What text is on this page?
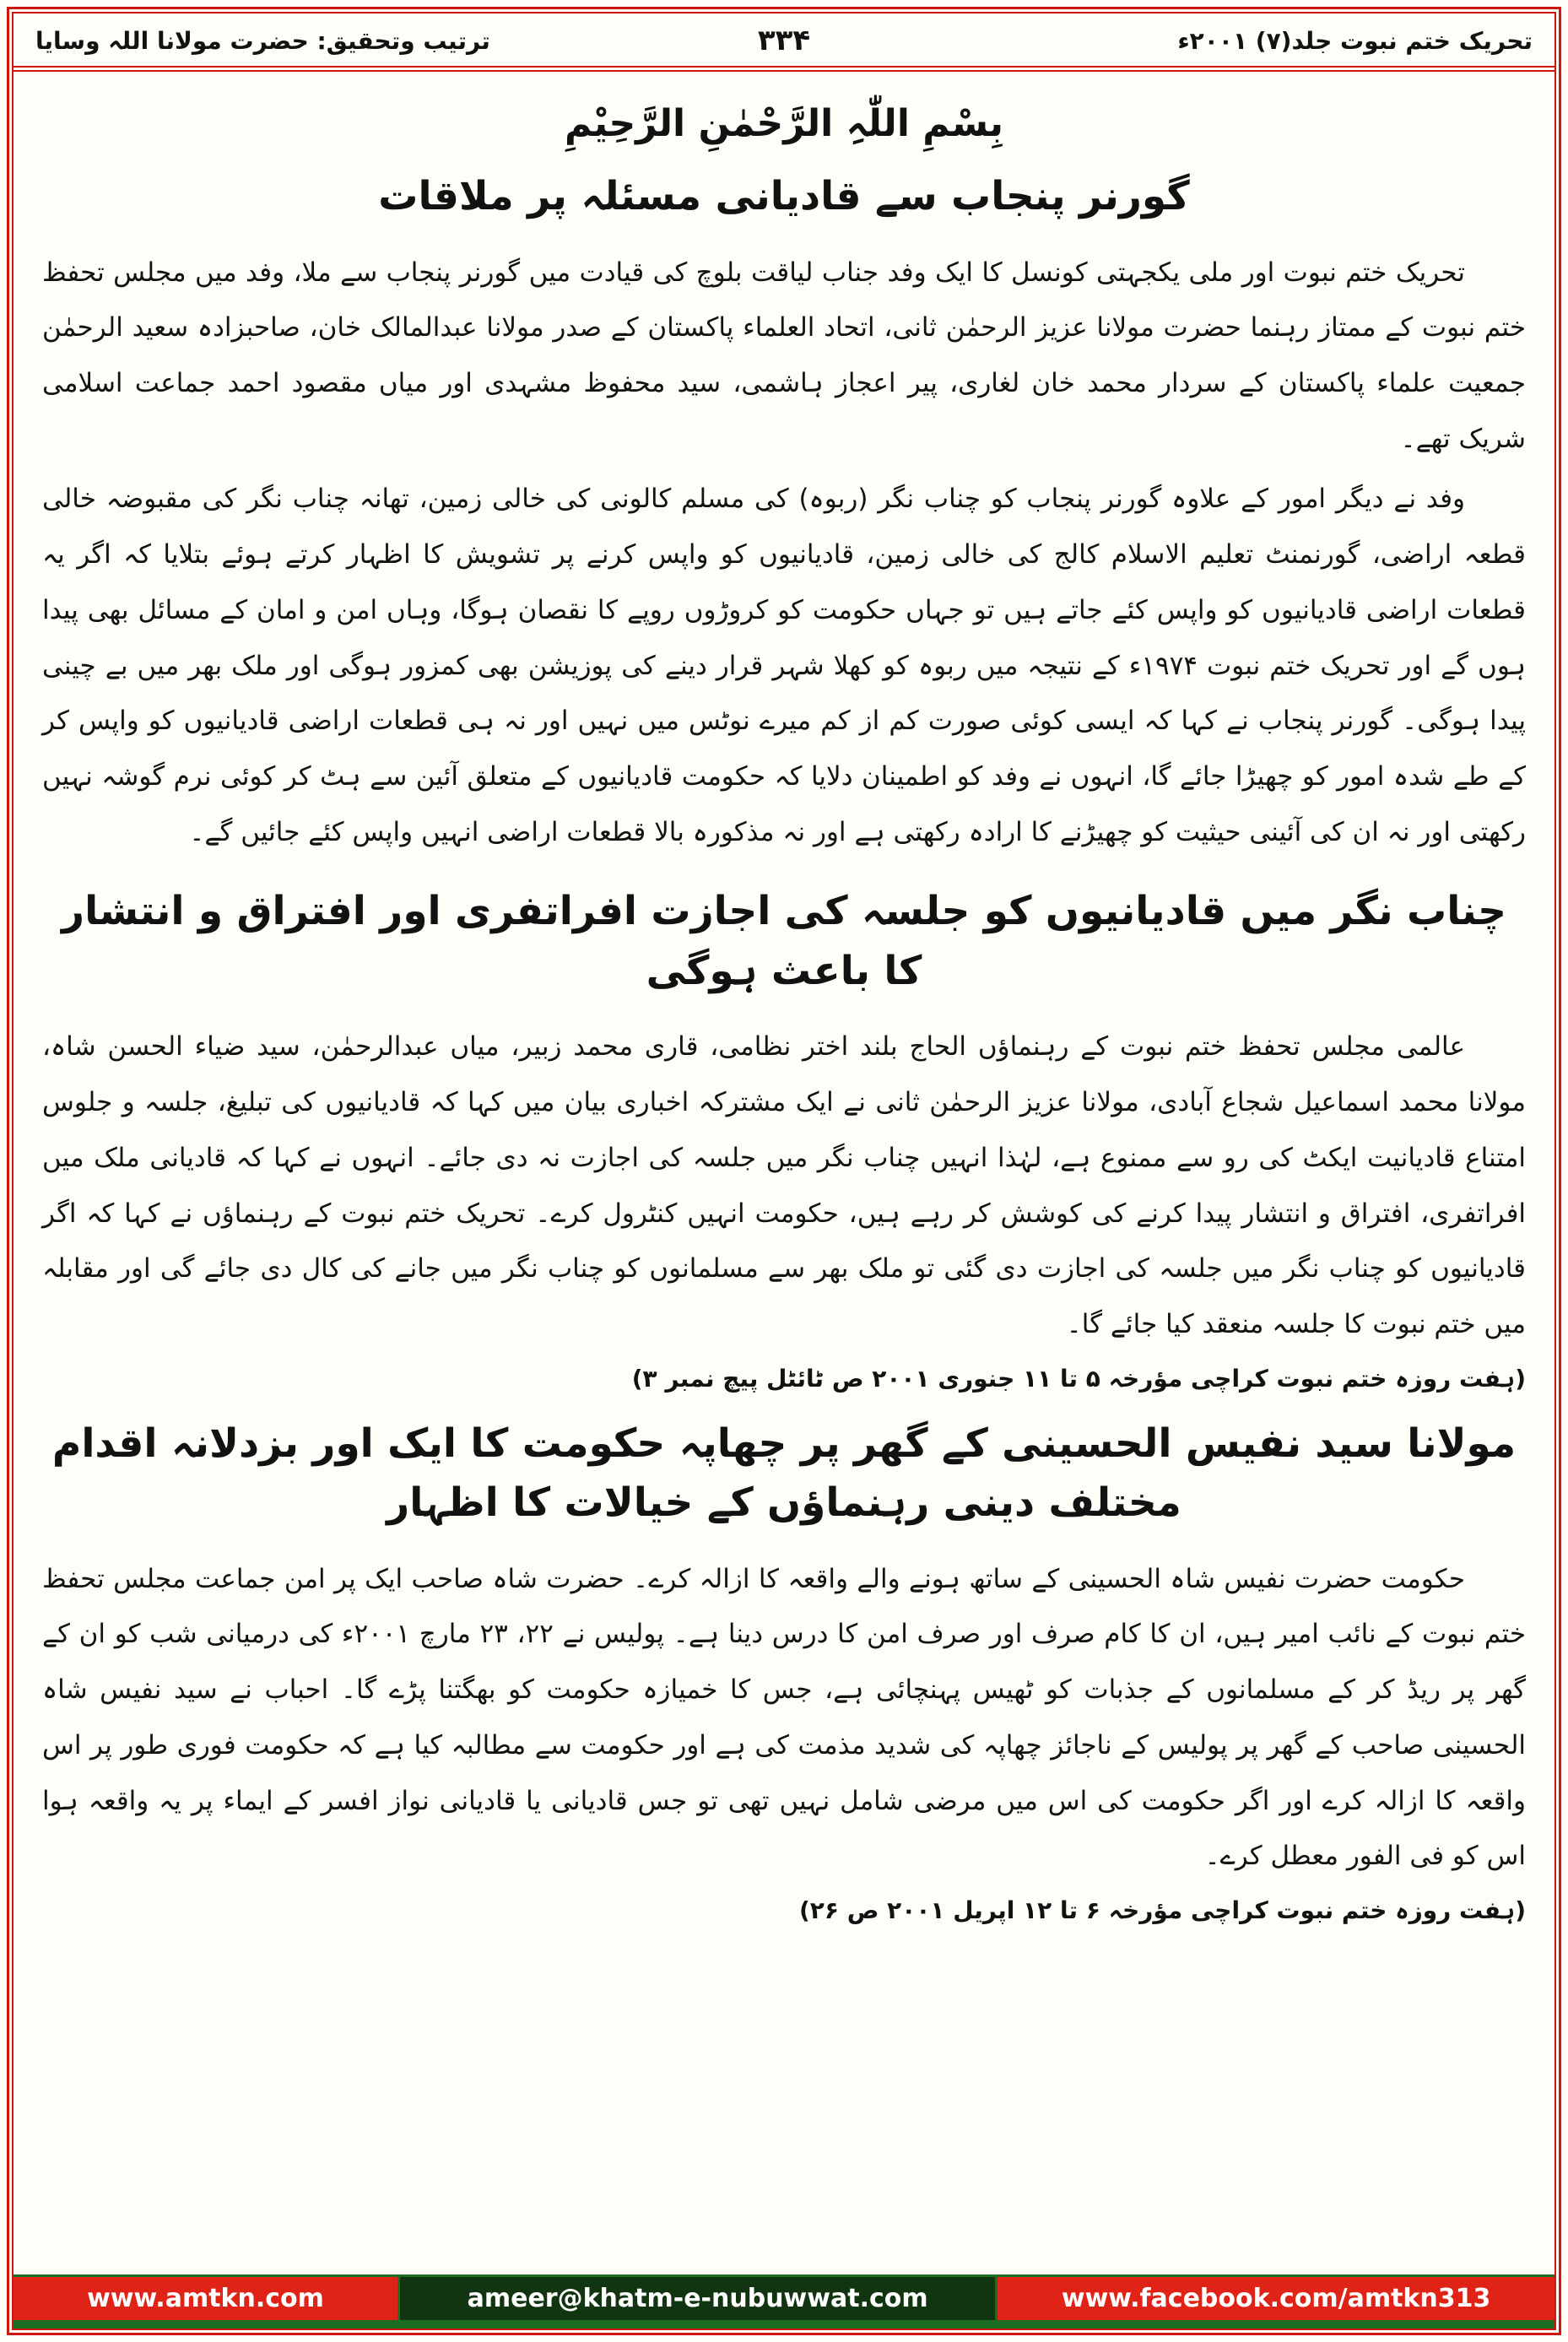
تحریک ختم نبوت جلد(۷) ۲۰۰۱ء
۳۳۴
ترتیب وتحقیق: حضرت مولانا اللہ وسایا
بِسْمِ اللّٰہِ الرَّحْمٰنِ الرَّحِیْمِ
گورنر پنجاب سے قادیانی مسئلہ پر ملاقات

تحریک ختم نبوت اور ملی یکجہتی کونسل کا ایک وفد جناب لیاقت بلوچ کی قیادت میں گورنر پنجاب سے ملا، وفد میں مجلس تحفظ ختم نبوت کے ممتاز رہنما حضرت مولانا عزیز الرحمٰن ثانی، اتحاد العلماء پاکستان کے صدر مولانا عبدالمالک خان، صاحبزادہ سعید الرحمٰن جمعیت علماء پاکستان کے سردار محمد خان لغاری، پیر اعجاز ہاشمی، سید محفوظ مشہدی اور میاں مقصود احمد جماعت اسلامی شریک تھے۔

وفد نے دیگر امور کے علاوہ گورنر پنجاب کو چناب نگر (ربوہ) کی مسلم کالونی کی خالی زمین، تھانہ چناب نگر کی مقبوضہ خالی قطعہ اراضی، گورنمنٹ تعلیم الاسلام کالج کی خالی زمین، قادیانیوں کو واپس کرنے پر تشویش کا اظہار کرتے ہوئے بتلایا کہ اگر یہ قطعات اراضی قادیانیوں کو واپس کئے جاتے ہیں تو جہاں حکومت کو کروڑوں روپے کا نقصان ہوگا، وہاں امن و امان کے مسائل بھی پیدا ہوں گے اور تحریک ختم نبوت ۱۹۷۴ء کے نتیجہ میں ربوہ کو کھلا شہر قرار دینے کی پوزیشن بھی کمزور ہوگی اور ملک بھر میں بے چینی پیدا ہوگی۔ گورنر پنجاب نے کہا کہ ایسی کوئی صورت کم از کم میرے نوٹس میں نہیں اور نہ ہی قطعات اراضی قادیانیوں کو واپس کر کے طے شدہ امور کو چھیڑا جائے گا، انہوں نے وفد کو اطمینان دلایا کہ حکومت قادیانیوں کے متعلق آئین سے ہٹ کر کوئی نرم گوشہ نہیں رکھتی اور نہ ان کی آئینی حیثیت کو چھیڑنے کا ارادہ رکھتی ہے اور نہ مذکورہ بالا قطعات اراضی انہیں واپس کئے جائیں گے۔

چناب نگر میں قادیانیوں کو جلسہ کی اجازت افراتفری اور افتراق و انتشار کا باعث ہوگی

عالمی مجلس تحفظ ختم نبوت کے رہنماؤں الحاج بلند اختر نظامی، قاری محمد زبیر، میاں عبدالرحمٰن، سید ضیاء الحسن شاہ، مولانا محمد اسماعیل شجاع آبادی، مولانا عزیز الرحمٰن ثانی نے ایک مشترکہ اخباری بیان میں کہا کہ قادیانیوں کی تبلیغ، جلسہ و جلوس امتناع قادیانیت ایکٹ کی رو سے ممنوع ہے، لہٰذا انہیں چناب نگر میں جلسہ کی اجازت نہ دی جائے۔ انہوں نے کہا کہ قادیانی ملک میں افراتفری، افتراق و انتشار پیدا کرنے کی کوشش کر رہے ہیں، حکومت انہیں کنٹرول کرے۔ تحریک ختم نبوت کے رہنماؤں نے کہا کہ اگر قادیانیوں کو چناب نگر میں جلسہ کی اجازت دی گئی تو ملک بھر سے مسلمانوں کو چناب نگر میں جانے کی کال دی جائے گی اور مقابلہ میں ختم نبوت کا جلسہ منعقد کیا جائے گا۔

(ہفت روزہ ختم نبوت کراچی مؤرخہ ۵ تا ۱۱ جنوری ۲۰۰۱ ص ٹائٹل پیچ نمبر ۳)
مولانا سید نفیس الحسینی کے گھر پر چھاپہ حکومت کا ایک اور بزدلانہ اقدام مختلف دینی رہنماؤں کے خیالات کا اظہار

حکومت حضرت نفیس شاہ الحسینی کے ساتھ ہونے والے واقعہ کا ازالہ کرے۔ حضرت شاہ صاحب ایک پر امن جماعت مجلس تحفظ ختم نبوت کے نائب امیر ہیں، ان کا کام صرف اور صرف امن کا درس دینا ہے۔ پولیس نے ۲۲، ۲۳ مارچ ۲۰۰۱ء کی درمیانی شب کو ان کے گھر پر ریڈ کر کے مسلمانوں کے جذبات کو ٹھیس پہنچائی ہے، جس کا خمیازہ حکومت کو بھگتنا پڑے گا۔ احباب نے سید نفیس شاہ الحسینی صاحب کے گھر پر پولیس کے ناجائز چھاپہ کی شدید مذمت کی ہے اور حکومت سے مطالبہ کیا ہے کہ حکومت فوری طور پر اس واقعہ کا ازالہ کرے اور اگر حکومت کی اس میں مرضی شامل نہیں تھی تو جس قادیانی یا قادیانی نواز افسر کے ایماء پر یہ واقعہ ہوا اس کو فی الفور معطل کرے۔

(ہفت روزہ ختم نبوت کراچی مؤرخہ ۶ تا ۱۲ اپریل ۲۰۰۱ ص ۲۶)
www.amtkn.com	ameer@khatm-e-nubuwwat.com	www.facebook.com/amtkn313
